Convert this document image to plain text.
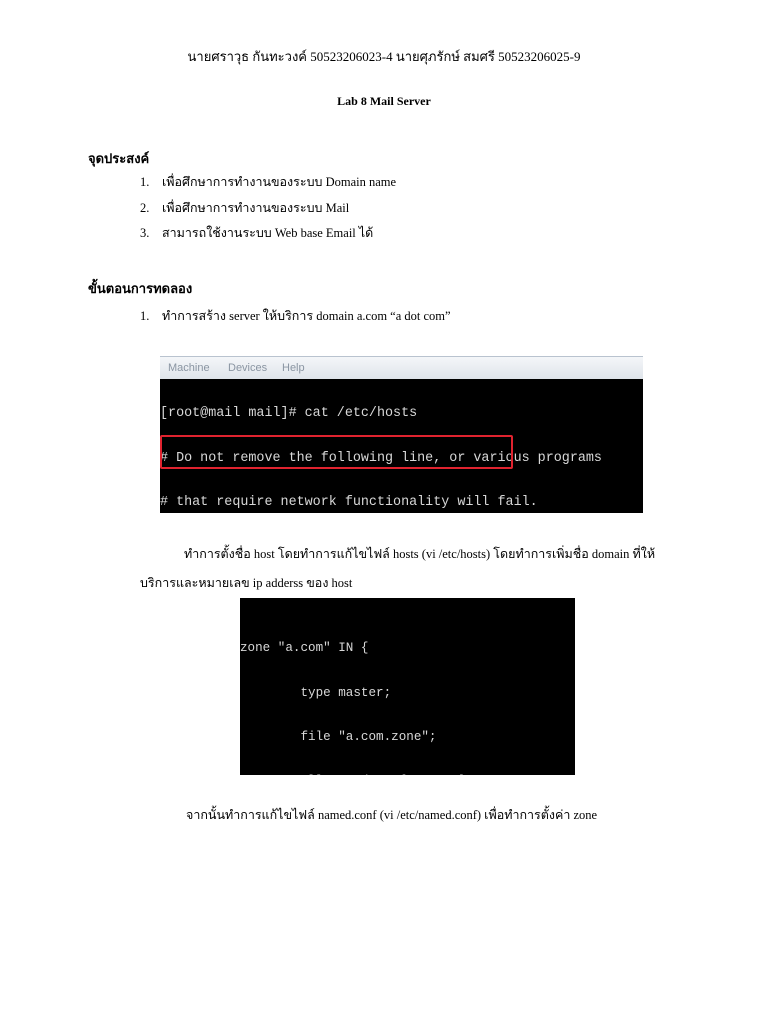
นายศราวุธ กันทะวงค์ 50523206023-4 นายศุภรักษ์ สมศรี 50523206025-9
Lab 8 Mail Server
จุดประสงค์
1. เพื่อศึกษาการทำงานของระบบ Domain name
2. เพื่อศึกษาการทำงานของระบบ Mail
3. สามารถใช้งานระบบ Web base Email ได้
ขั้นตอนการทดลอง
1. ทำการสร้าง server ให้บริการ domain a.com “a dot com”

Machine

Devices

Help

[root@mail mail]# cat /etc/hosts

# Do not remove the following line, or various programs

# that require network functionality will fail.

ทำการตั้งชื่อ host โดยทำการแก้ไขไฟล์ hosts (vi /etc/hosts) โดยทำการเพิ่มชื่อ domain ที่ให้บริการและหมายเลข ip adderss ของ host

zone "a.com" IN {

type master;

file "a.com.zone";

จากนั้นทำการแก้ไขไฟล์ named.conf (vi /etc/named.conf) เพื่อทำการตั้งค่า zone
